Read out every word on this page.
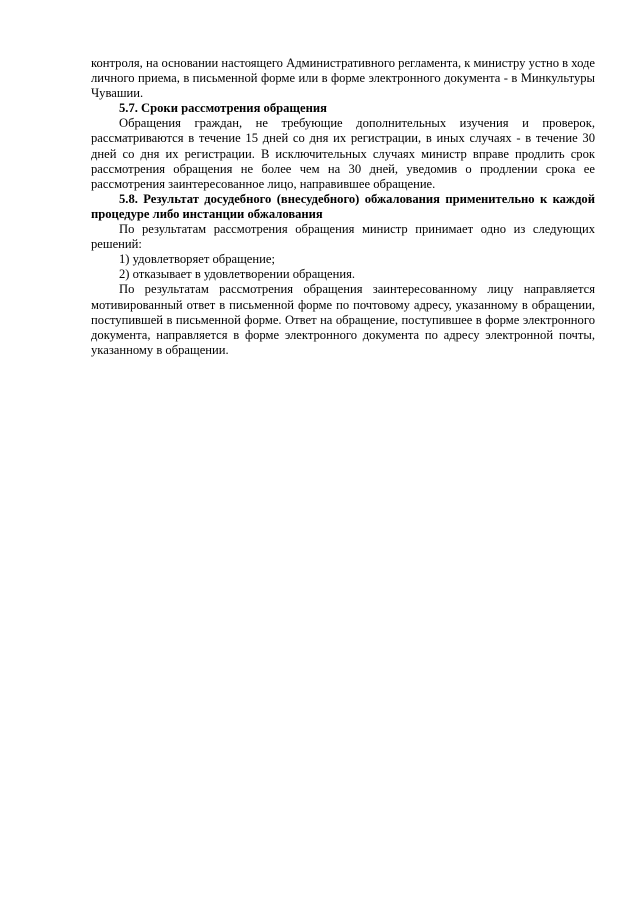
контроля, на основании настоящего Административного регламента, к министру устно в ходе личного приема, в письменной форме или в форме электронного документа - в Минкультуры Чувашии.

5.7. Сроки рассмотрения обращения

Обращения граждан, не требующие дополнительных изучения и проверок, рассматриваются в течение 15 дней со дня их регистрации, в иных случаях - в течение 30 дней со дня их регистрации. В исключительных случаях министр вправе продлить срок рассмотрения обращения не более чем на 30 дней, уведомив о продлении срока ее рассмотрения заинтересованное лицо, направившее обращение.

5.8. Результат досудебного (внесудебного) обжалования применительно к каждой процедуре либо инстанции обжалования

По результатам рассмотрения обращения министр принимает одно из следующих решений:

1) удовлетворяет обращение;

2) отказывает в удовлетворении обращения.

По результатам рассмотрения обращения заинтересованному лицу направляется мотивированный ответ в письменной форме по почтовому адресу, указанному в обращении, поступившей в письменной форме. Ответ на обращение, поступившее в форме электронного документа, направляется в форме электронного документа по адресу электронной почты, указанному в обращении.
